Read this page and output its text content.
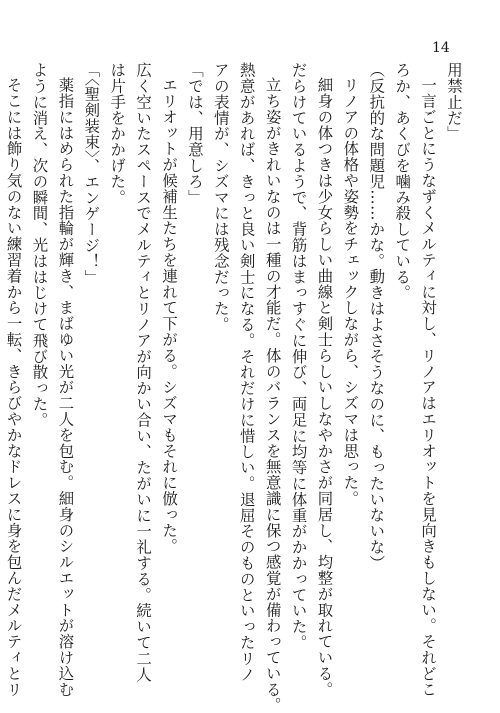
14

用禁止だ」

一言ごとにうなずくメルティに対し、リノアはエリオットを見向きもしない。それどこ

ろか、あくびを噛み殺している。

（反抗的な問題児……かな。動きはよさそうなのに、もったいないな）

リノアの体格や姿勢をチェックしながら、シズマは思った。

細身の体つきは少女らしい曲線と剣士らしいしなやかさが同居し、均整が取れている。

だらけているようで、背筋はまっすぐに伸び、両足に均等に体重がかかっていた。

立ち姿がきれいなのは一種の才能だ。体のバランスを無意識に保つ感覚が備わっている。

熱意があれば、きっと良い剣士になる。それだけに惜しい。退屈そのものといったリノ

アの表情が、シズマには残念だった。

「では、用意しろ」

エリオットが候補生たちを連れて下がる。シズマもそれに倣った。

広く空いたスペースでメルティとリノアが向かい合い、たがいに一礼する。続いて二人

は片手をかかげた。

「〈聖剣装束〉、エンゲージ！」

薬指にはめられた指輪が輝き、まばゆい光が二人を包む。細身のシルエットが溶け込む

ように消え、次の瞬間、光ははじけて飛び散った。

そこには飾り気のない練習着から一転、きらびやかなドレスに身を包んだメルティとリ
